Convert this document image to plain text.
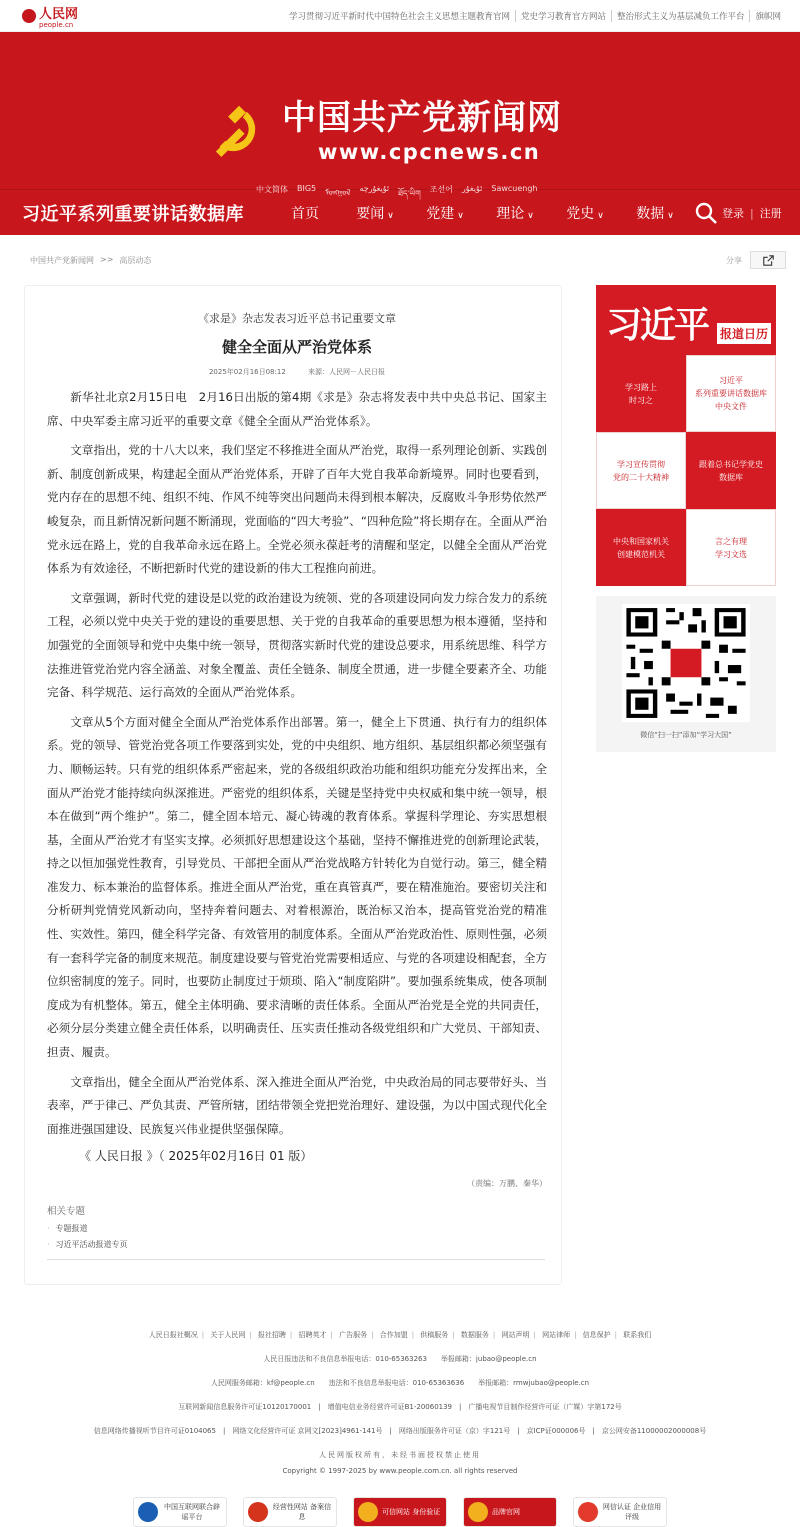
人民网
people.cn
学习贯彻习近平新时代中国特色社会主义思想主题教育官网	党史学习教育官方网站	整治形式主义为基层减负工作平台	旗帜网
中国共产党新闻网
www.cpcnews.cn
中文简体 BIG5 ᠮᠣᠩᠭᠣᠯ ئۇيغۇرچە
ཐོད་ཡིག 조선어 ئۇيغۇر Sawcuengh
习近平系列重要讲话数据库	首页	要闻 ∨	党建 ∨	理论 ∨	党史 ∨	数据 ∨	登录 | 注册
中国共产党新闻网 >> 高层动态	分享
《求是》杂志发表习近平总书记重要文章
健全全面从严治党体系
2025年02月16日08:12	来源：人民网－人民日报

新华社北京2月15日电　2月16日出版的第4期《求是》杂志将发表中共中央总书记、国家主席、中央军委主席习近平的重要文章《健全全面从严治党体系》。

文章指出，党的十八大以来，我们坚定不移推进全面从严治党，取得一系列理论创新、实践创新、制度创新成果，构建起全面从严治党体系，开辟了百年大党自我革命新境界。同时也要看到，党内存在的思想不纯、组织不纯、作风不纯等突出问题尚未得到根本解决，反腐败斗争形势依然严峻复杂，而且新情况新问题不断涌现，党面临的“四大考验”、“四种危险”将长期存在。全面从严治党永远在路上，党的自我革命永远在路上。全党必须永葆赶考的清醒和坚定，以健全全面从严治党体系为有效途径，不断把新时代党的建设新的伟大工程推向前进。

文章强调，新时代党的建设是以党的政治建设为统领、党的各项建设同向发力综合发力的系统工程，必须以党中央关于党的建设的重要思想、关于党的自我革命的重要思想为根本遵循，坚持和加强党的全面领导和党中央集中统一领导，贯彻落实新时代党的建设总要求，用系统思维、科学方法推进管党治党内容全涵盖、对象全覆盖、责任全链条、制度全贯通，进一步健全要素齐全、功能完备、科学规范、运行高效的全面从严治党体系。

文章从5个方面对健全全面从严治党体系作出部署。第一，健全上下贯通、执行有力的组织体系。党的领导、管党治党各项工作要落到实处，党的中央组织、地方组织、基层组织都必须坚强有力、顺畅运转。只有党的组织体系严密起来，党的各级组织政治功能和组织功能充分发挥出来，全面从严治党才能持续向纵深推进。严密党的组织体系，关键是坚持党中央权威和集中统一领导，根本在做到“两个维护”。第二，健全固本培元、凝心铸魂的教育体系。掌握科学理论、夯实思想根基，全面从严治党才有坚实支撑。必须抓好思想建设这个基础，坚持不懈推进党的创新理论武装，持之以恒加强党性教育，引导党员、干部把全面从严治党战略方针转化为自觉行动。第三，健全精准发力、标本兼治的监督体系。推进全面从严治党，重在真管真严，要在精准施治。要密切关注和分析研判党情党风新动向，坚持奔着问题去、对着根源治，既治标又治本，提高管党治党的精准性、实效性。第四，健全科学完备、有效管用的制度体系。全面从严治党政治性、原则性强，必须有一套科学完备的制度来规范。制度建设要与管党治党需要相适应、与党的各项建设相配套，全方位织密制度的笼子。同时，也要防止制度过于烦琐、陷入“制度陷阱”。要加强系统集成，使各项制度成为有机整体。第五，健全主体明确、要求清晰的责任体系。全面从严治党是全党的共同责任，必须分层分类建立健全责任体系，以明确责任、压实责任推动各级党组织和广大党员、干部知责、担责、履责。

文章指出，健全全面从严治党体系、深入推进全面从严治党，中央政治局的同志要带好头、当表率，严于律己、严负其责、严管所辖，团结带领全党把党治理好、建设强，为以中国式现代化全面推进强国建设、民族复兴伟业提供坚强保障。

《 人民日报 》（ 2025年02月16日 01 版）
（责编：万鹏、秦华）
相关专题
· 专题报道
· 习近平活动报道专页
习近平 报道日历
学习路上
时习之
习近平
系列重要讲话数据库
中央文件
学习宣传贯彻
党的二十大精神
跟着总书记学党史
数据库
中央和国家机关
创建模范机关
言之有理
学习文选
微信“扫一扫”添加“学习大国”
人民日报社概况 | 关于人民网 | 报社招聘 | 招聘英才 | 广告服务 | 合作加盟 | 供稿服务 | 数据服务 | 网站声明 | 网站律师 | 信息保护 | 联系我们
人民日报违法和不良信息举报电话：010-65363263　　举报邮箱：jubao@people.cn
人民网服务邮箱：kf@people.cn　　违法和不良信息举报电话：010-65363636　　举报邮箱：rmwjubao@people.cn
互联网新闻信息服务许可证10120170001　|　增值电信业务经营许可证B1-20060139　|　广播电视节目制作经营许可证（广媒）字第172号
信息网络传播视听节目许可证0104065　|　网络文化经营许可证 京网文[2023]4961-141号　|　网络出版服务许可证（京）字121号　|　京ICP证000006号　|　京公网安备11000002000008号
人民网版权所有，未经书面授权禁止使用
Copyright © 1997-2025 by www.people.com.cn. all rights reserved
中国互联网联合辟谣平台
经营性网站 备案信息
可信网站 身份验证	品牌官网
网信认证 企业信用评级
